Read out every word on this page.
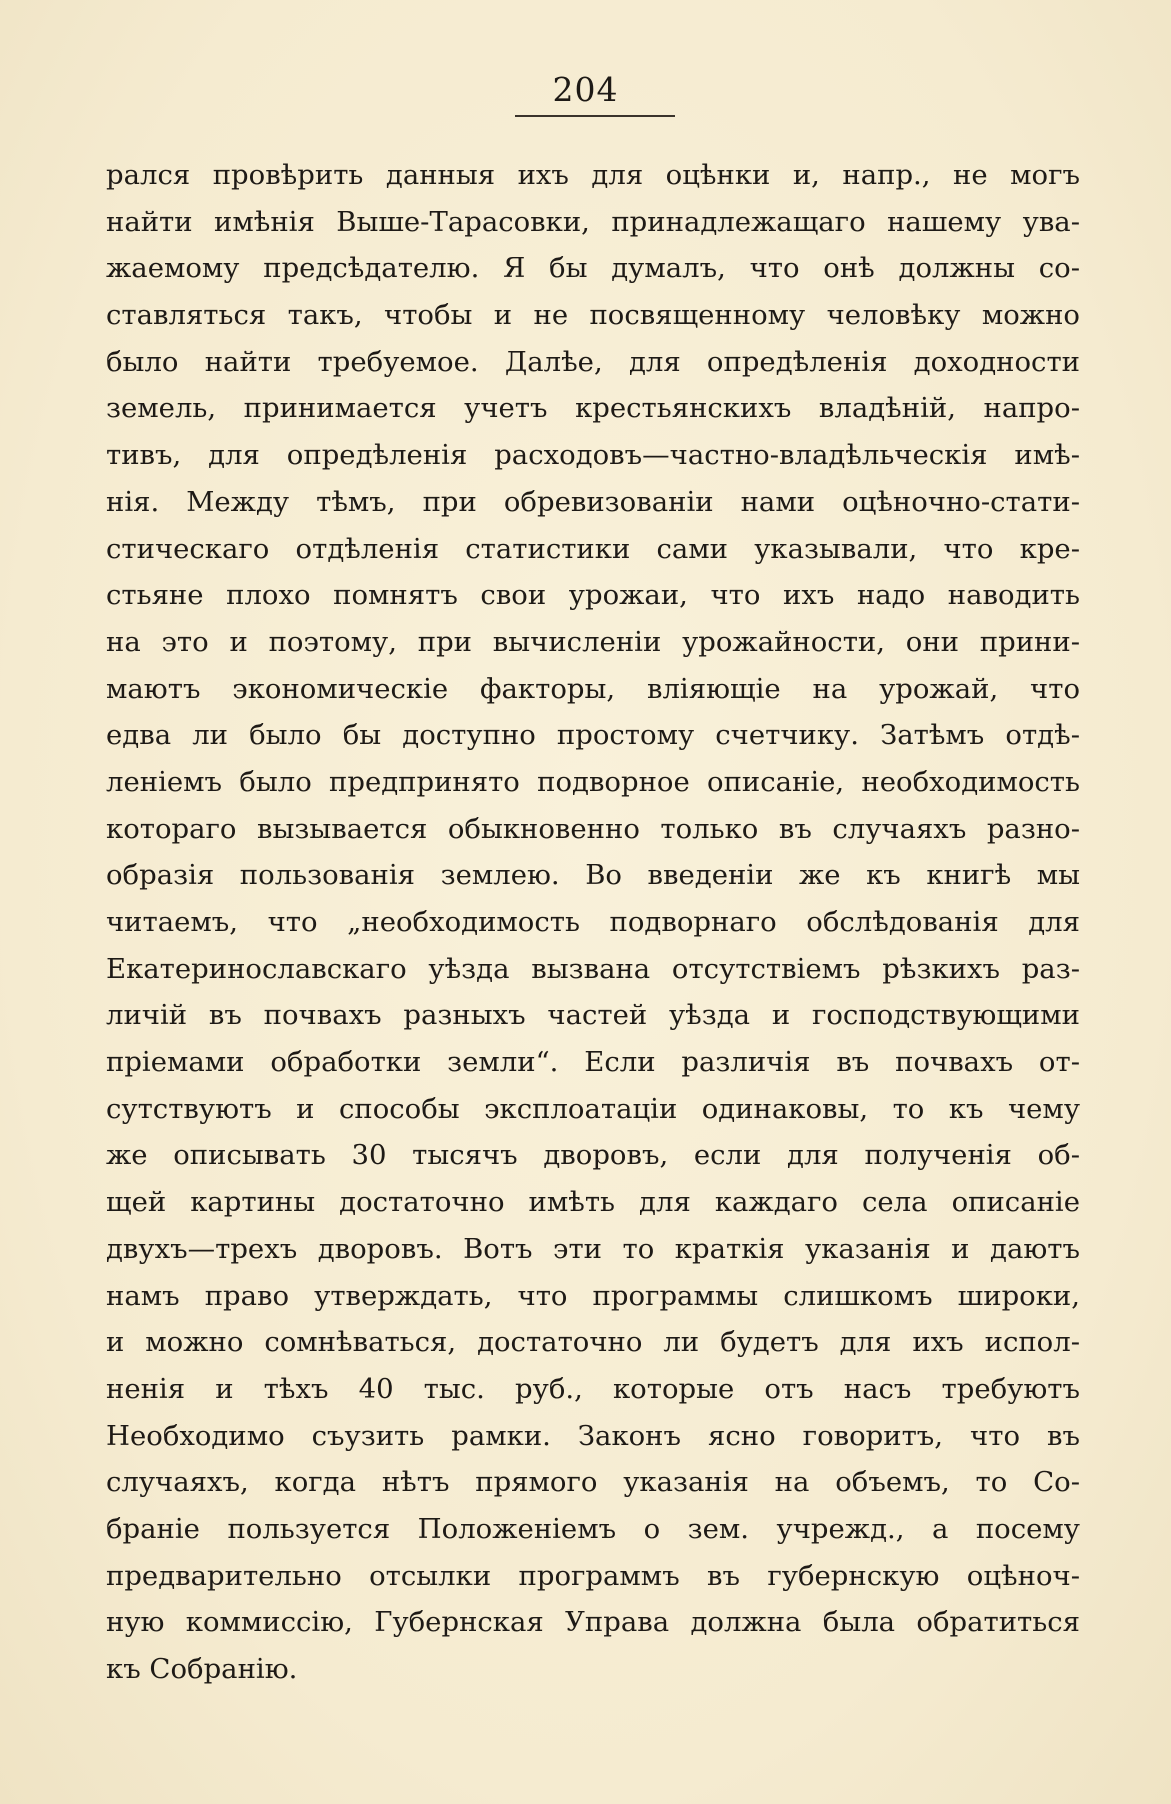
204
рался провѣрить данныя ихъ для оцѣнки и, напр., не могъ
найти имѣнія Выше-Тарасовки, принадлежащаго нашему ува-
жаемому предсѣдателю. Я бы думалъ, что онѣ должны со-
ставляться такъ, чтобы и не посвященному человѣку можно
было найти требуемое. Далѣе, для опредѣленія доходности
земель, принимается учетъ крестьянскихъ владѣній, напро-
тивъ, для опредѣленія расходовъ—частно-владѣльческія имѣ-
нія. Между тѣмъ, при обревизованіи нами оцѣночно-стати-
стическаго отдѣленія статистики сами указывали, что кре-
стьяне плохо помнятъ свои урожаи, что ихъ надо наводить
на это и поэтому, при вычисленіи урожайности, они прини-
маютъ экономическіе факторы, вліяющіе на урожай, что
едва ли было бы доступно простому счетчику. Затѣмъ отдѣ-
леніемъ было предпринято подворное описаніе, необходимость
котораго вызывается обыкновенно только въ случаяхъ разно-
образія пользованія землею. Во введеніи же къ книгѣ мы
читаемъ, что „необходимость подворнаго обслѣдованія для
Екатеринославскаго уѣзда вызвана отсутствіемъ рѣзкихъ раз-
личій въ почвахъ разныхъ частей уѣзда и господствующими
пріемами обработки земли“. Если различія въ почвахъ от-
сутствуютъ и способы эксплоатаціи одинаковы, то къ чему
же описывать 30 тысячъ дворовъ, если для полученія об-
щей картины достаточно имѣть для каждаго села описаніе
двухъ—трехъ дворовъ. Вотъ эти то краткія указанія и даютъ
намъ право утверждать, что программы слишкомъ широки,
и можно сомнѣваться, достаточно ли будетъ для ихъ испол-
ненія и тѣхъ 40 тыс. руб., которые отъ насъ требуютъ
Необходимо съузить рамки. Законъ ясно говоритъ, что въ
случаяхъ, когда нѣтъ прямого указанія на объемъ, то Со-
браніе пользуется Положеніемъ о зем. учрежд., а посему
предварительно отсылки программъ въ губернскую оцѣноч-
ную коммиссію, Губернская Управа должна была обратиться
къ Собранію.
